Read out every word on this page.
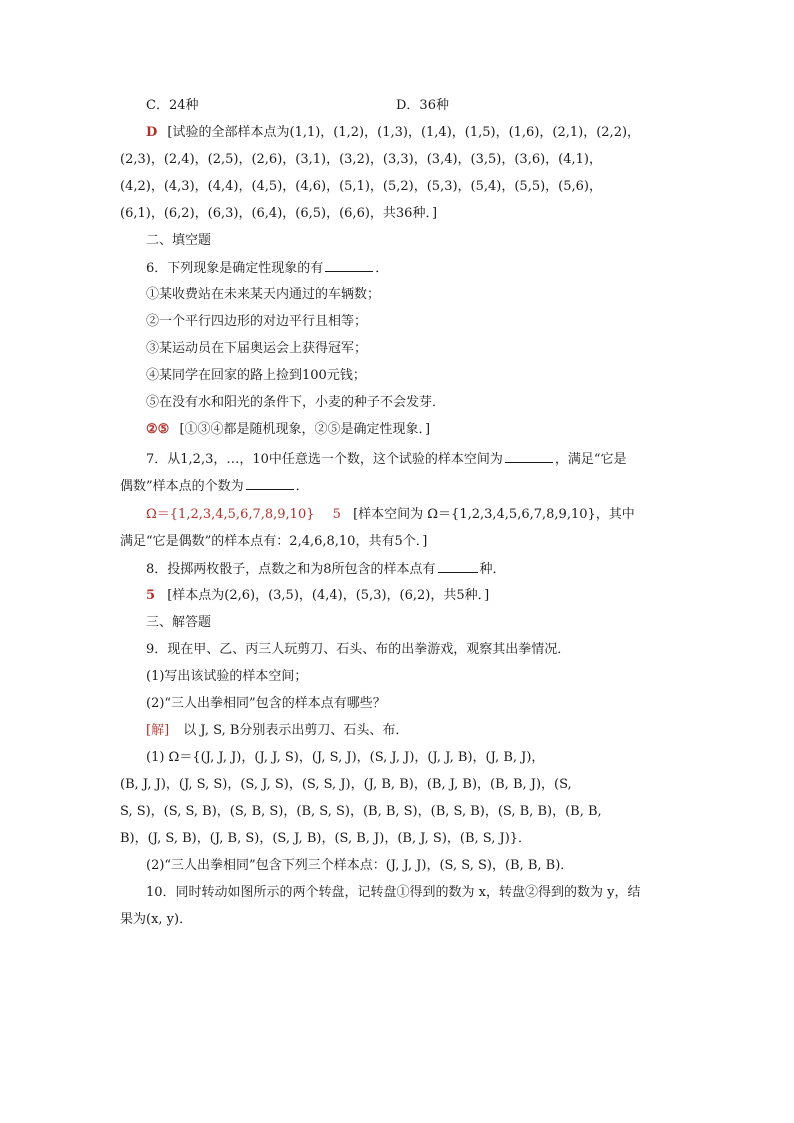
C．24种	D．36种
D [试验的全部样本点为(1,1)，(1,2)，(1,3)，(1,4)，(1,5)，(1,6)，(2,1)，(2,2)，
(2,3)，(2,4)，(2,5)，(2,6)，(3,1)，(3,2)，(3,3)，(3,4)，(3,5)，(3,6)，(4,1)，
(4,2)，(4,3)，(4,4)，(4,5)，(4,6)，(5,1)，(5,2)，(5,3)，(5,4)，(5,5)，(5,6)，
(6,1)，(6,2)，(6,3)，(6,4)，(6,5)，(6,6)，共36种．]
二、填空题
6．下列现象是确定性现象的有	．
①某收费站在未来某天内通过的车辆数；
②一个平行四边形的对边平行且相等；
③某运动员在下届奥运会上获得冠军；
④某同学在回家的路上捡到100元钱；
⑤在没有水和阳光的条件下，小麦的种子不会发芽．
②⑤ [①③④都是随机现象，②⑤是确定性现象．]
7．从1,2,3，…，10中任意选一个数，这个试验的样本空间为	，满足“它是
偶数”样本点的个数为	．
Ω＝{1,2,3,4,5,6,7,8,9,10} 5 [样本空间为 Ω＝{1,2,3,4,5,6,7,8,9,10}，其中
满足“它是偶数”的样本点有：2,4,6,8,10，共有5个．]
8．投掷两枚骰子，点数之和为8所包含的样本点有	种．
5 [样本点为(2,6)，(3,5)，(4,4)，(5,3)，(6,2)，共5种．]
三、解答题
9．现在甲、乙、丙三人玩剪刀、石头、布的出拳游戏，观察其出拳情况．
(1)写出该试验的样本空间；
(2)“三人出拳相同”包含的样本点有哪些？
[解] 以 J, S, B分别表示出剪刀、石头、布．
(1) Ω＝{(J, J, J)，(J, J, S)，(J, S, J)，(S, J, J)，(J, J, B)，(J, B, J)，
(B, J, J)，(J, S, S)，(S, J, S)，(S, S, J)，(J, B, B)，(B, J, B)，(B, B, J)，(S,
S, S)，(S, S, B)，(S, B, S)，(B, S, S)，(B, B, S)，(B, S, B)，(S, B, B)，(B, B,
B)，(J, S, B)，(J, B, S)，(S, J, B)，(S, B, J)，(B, J, S)，(B, S, J)}．
(2)“三人出拳相同”包含下列三个样本点：(J, J, J)，(S, S, S)，(B, B, B)．
10．同时转动如图所示的两个转盘，记转盘①得到的数为 x，转盘②得到的数为 y，结
果为(x, y)．
